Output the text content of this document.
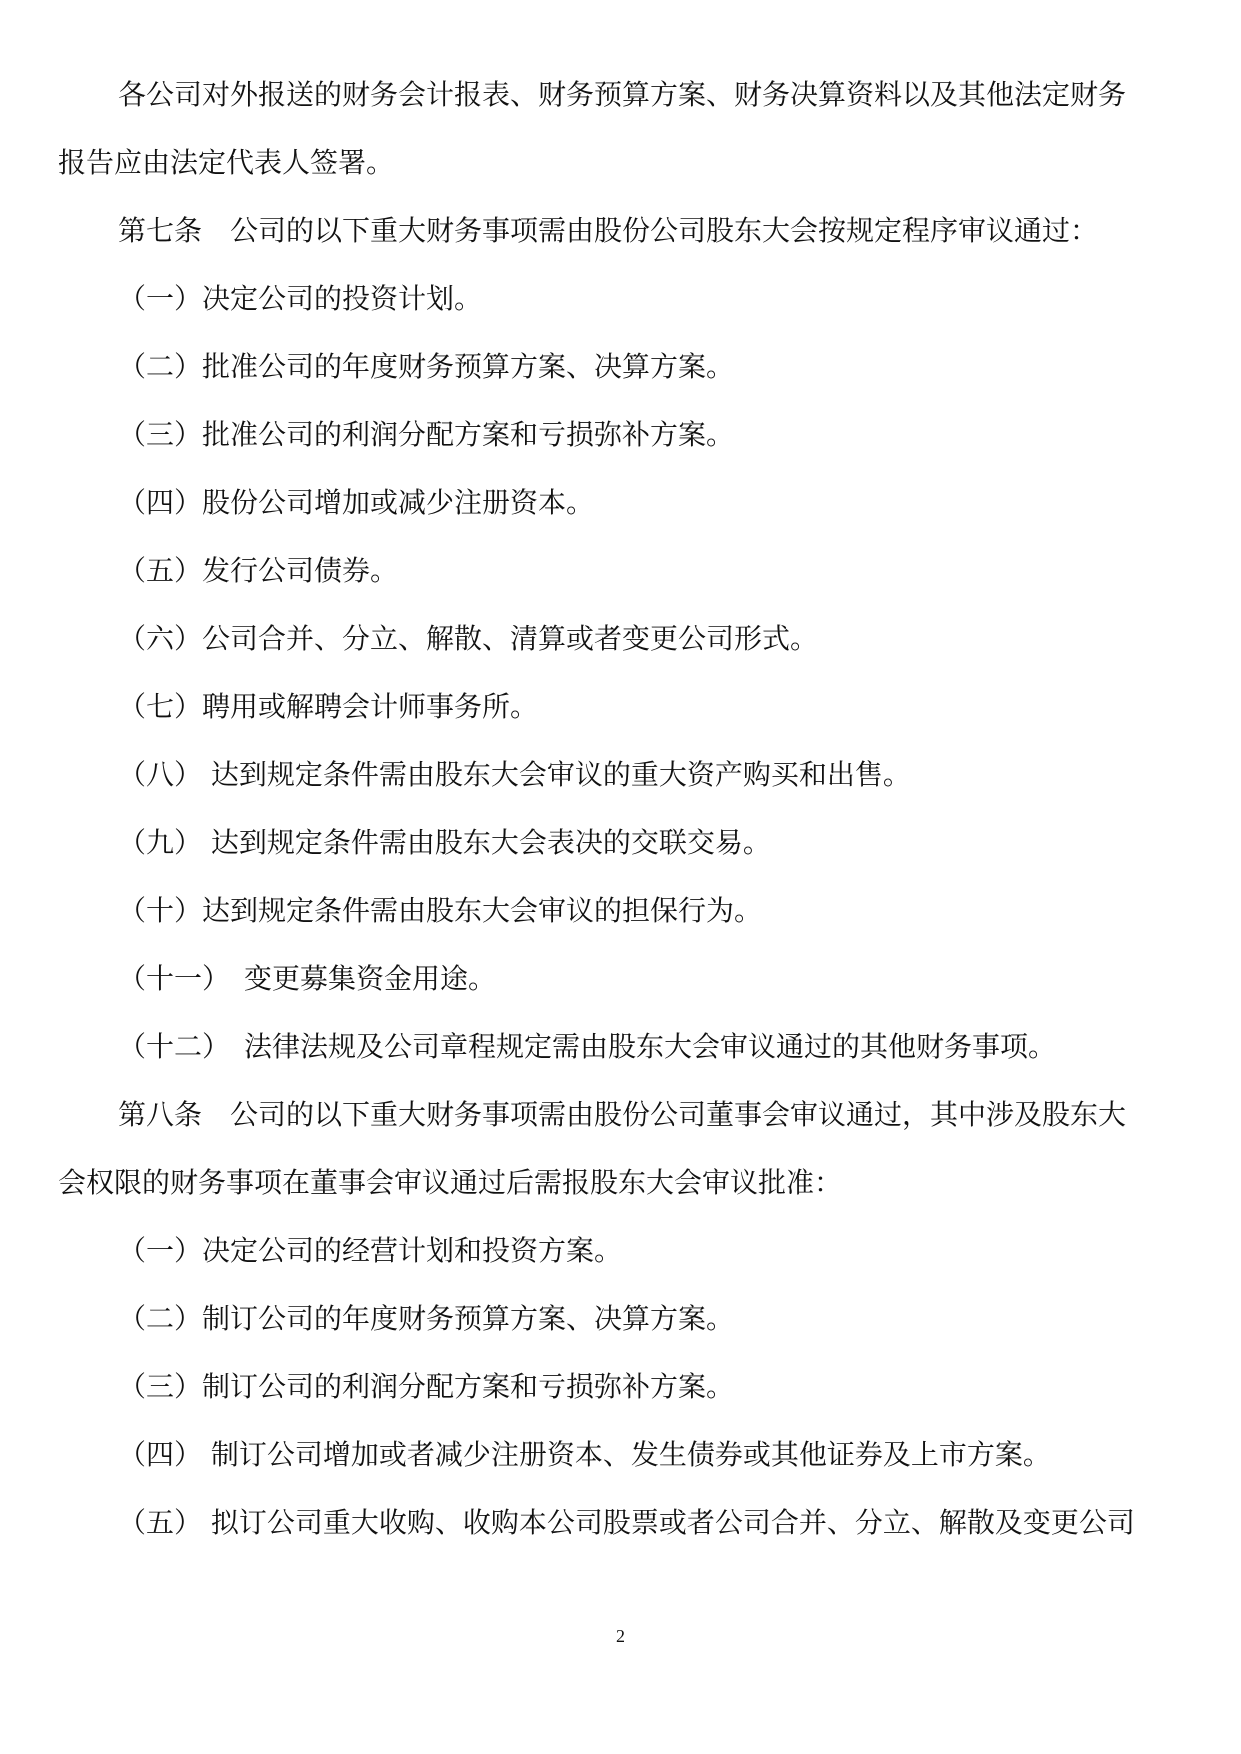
各公司对外报送的财务会计报表、财务预算方案、财务决算资料以及其他法定财务
报告应由法定代表人签署。
第七条　公司的以下重大财务事项需由股份公司股东大会按规定程序审议通过：
（一）决定公司的投资计划。
（二）批准公司的年度财务预算方案、决算方案。
（三）批准公司的利润分配方案和亏损弥补方案。
（四）股份公司增加或减少注册资本。
（五）发行公司债券。
（六）公司合并、分立、解散、清算或者变更公司形式。
（七）聘用或解聘会计师事务所。
（八） 达到规定条件需由股东大会审议的重大资产购买和出售。
（九） 达到规定条件需由股东大会表决的交联交易。
（十）达到规定条件需由股东大会审议的担保行为。
（十一）　变更募集资金用途。
（十二）　法律法规及公司章程规定需由股东大会审议通过的其他财务事项。
第八条　公司的以下重大财务事项需由股份公司董事会审议通过，其中涉及股东大
会权限的财务事项在董事会审议通过后需报股东大会审议批准：
（一）决定公司的经营计划和投资方案。
（二）制订公司的年度财务预算方案、决算方案。
（三）制订公司的利润分配方案和亏损弥补方案。
（四） 制订公司增加或者减少注册资本、发生债券或其他证券及上市方案。
（五） 拟订公司重大收购、收购本公司股票或者公司合并、分立、解散及变更公司
2
